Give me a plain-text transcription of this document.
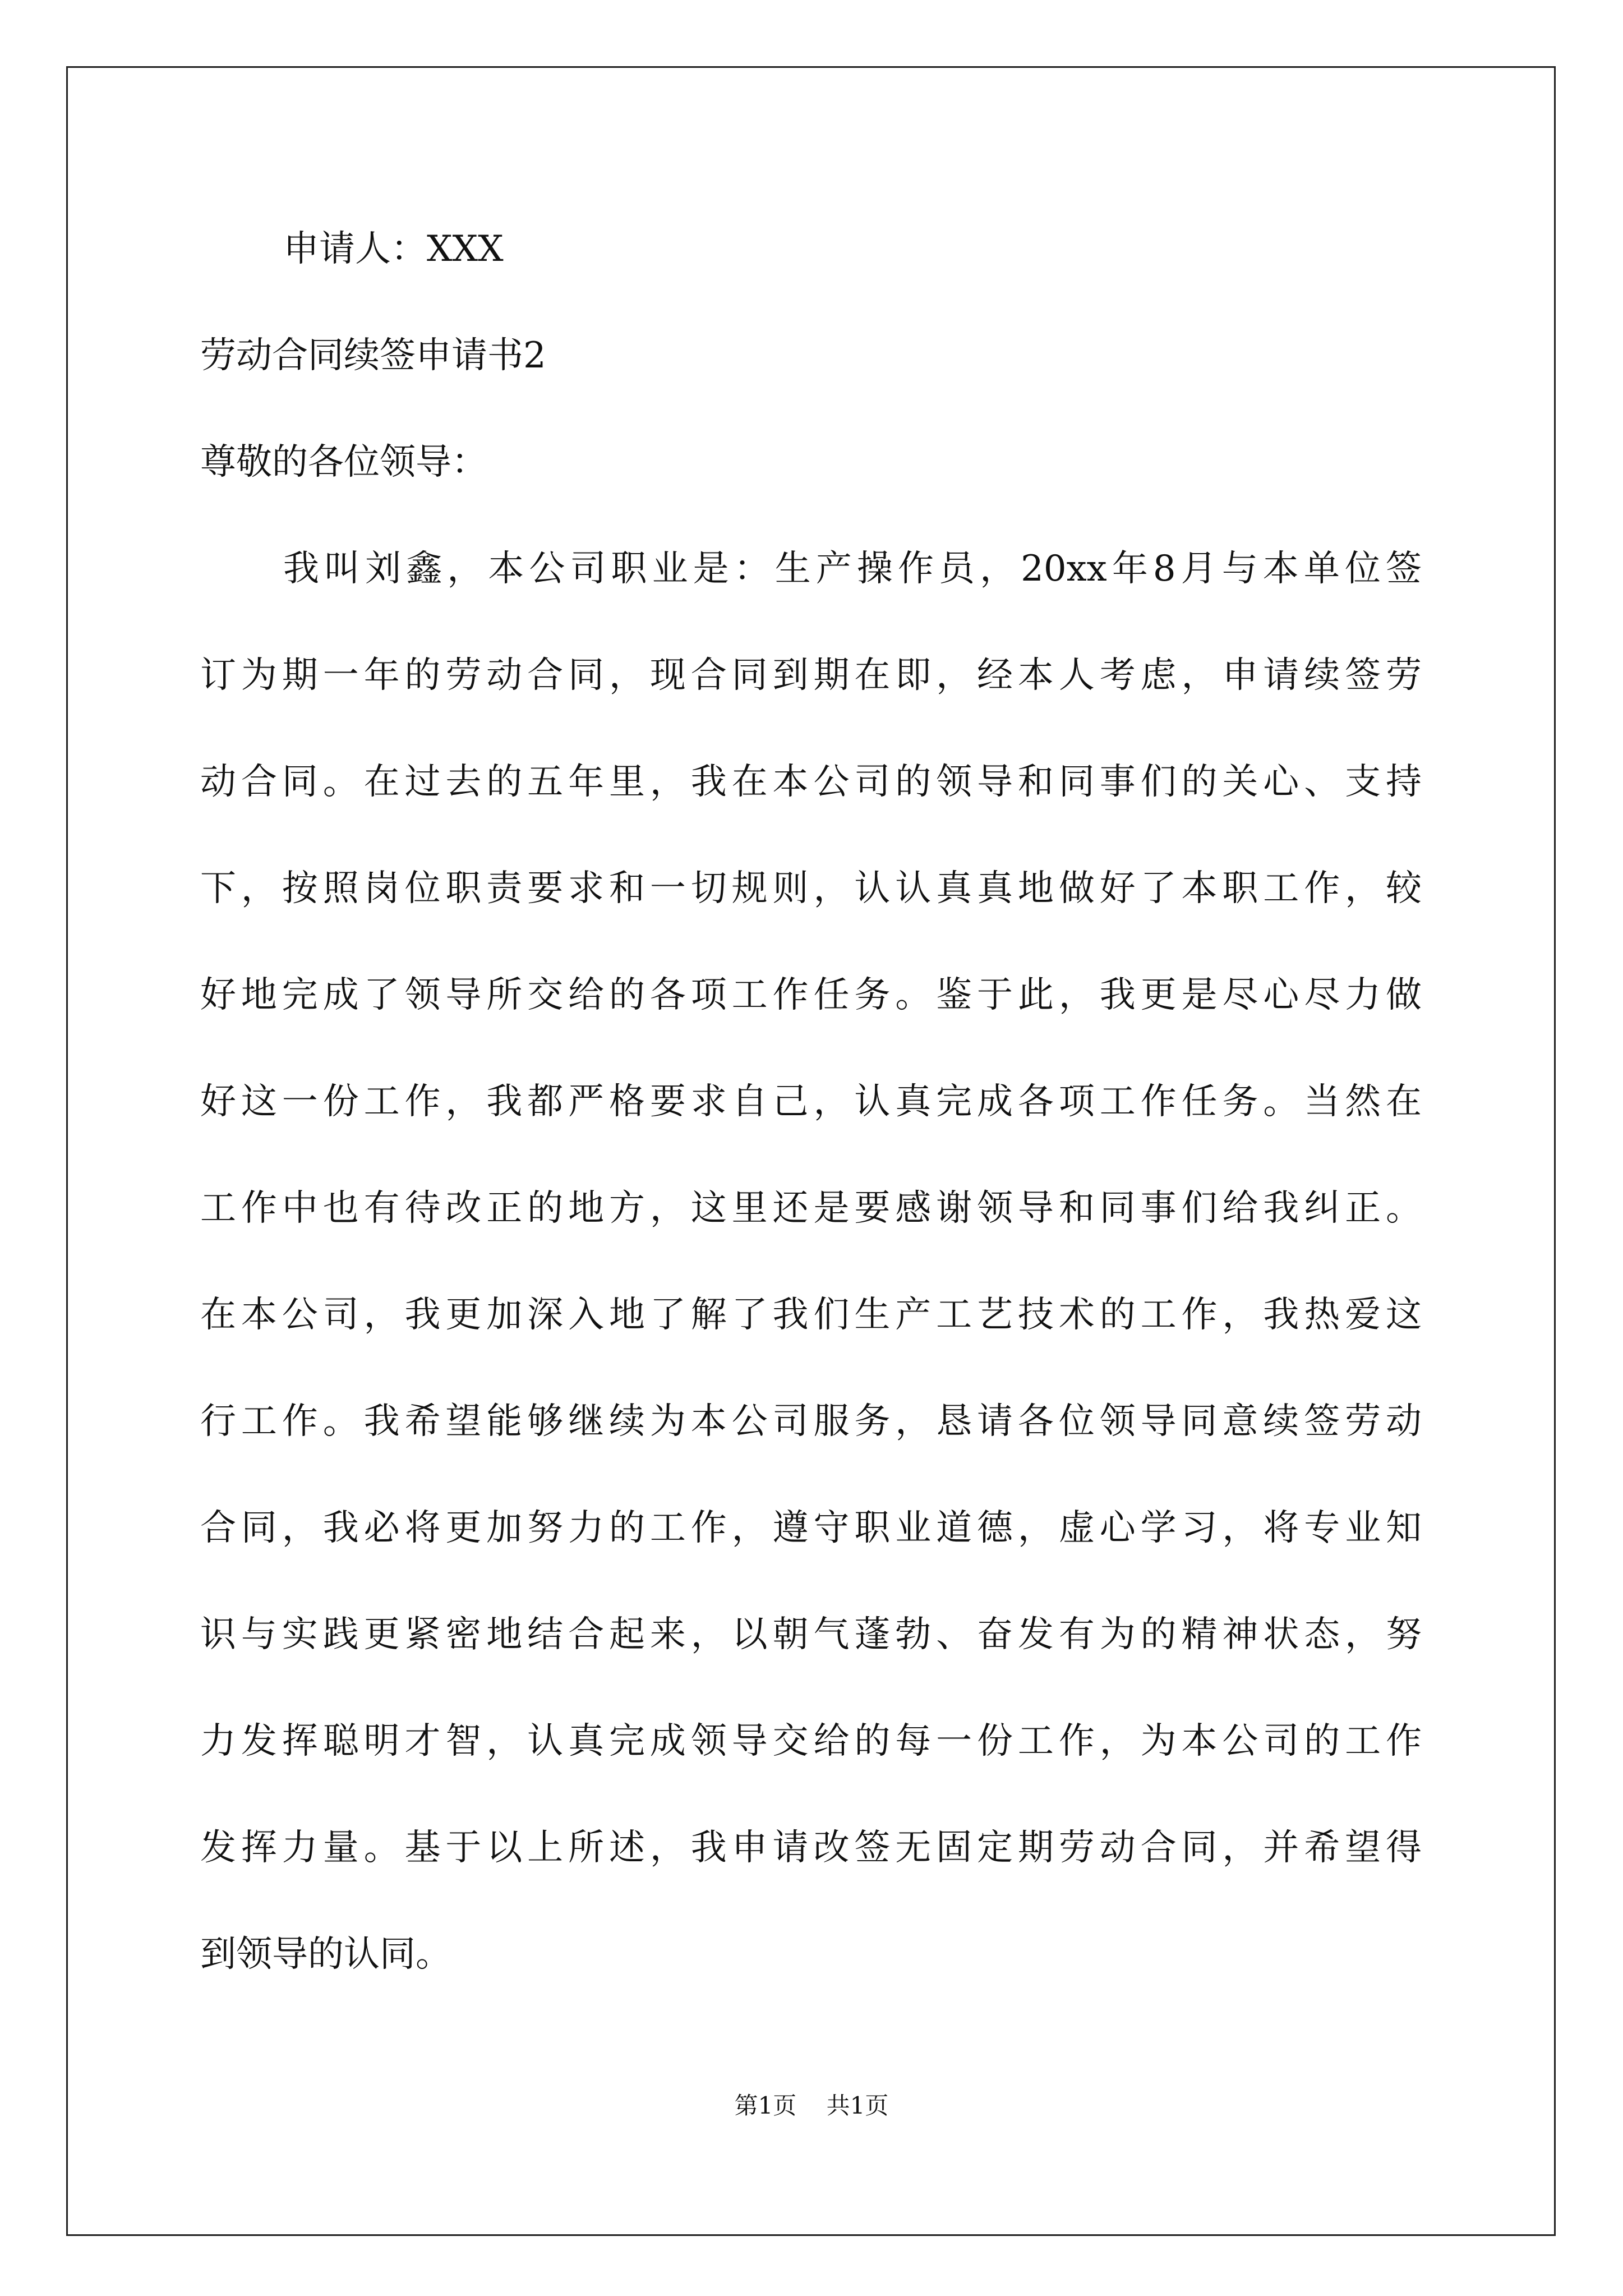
申请人：XXX
劳动合同续签申请书2
尊敬的各位领导：
我叫刘鑫，本公司职业是：生产操作员，20xx年8月与本单位签
订为期一年的劳动合同，现合同到期在即，经本人考虑，申请续签劳
动合同。在过去的五年里，我在本公司的领导和同事们的关心、支持
下，按照岗位职责要求和一切规则，认认真真地做好了本职工作，较
好地完成了领导所交给的各项工作任务。鉴于此，我更是尽心尽力做
好这一份工作，我都严格要求自己，认真完成各项工作任务。当然在
工作中也有待改正的地方，这里还是要感谢领导和同事们给我纠正。
在本公司，我更加深入地了解了我们生产工艺技术的工作，我热爱这
行工作。我希望能够继续为本公司服务，恳请各位领导同意续签劳动
合同，我必将更加努力的工作，遵守职业道德，虚心学习，将专业知
识与实践更紧密地结合起来，以朝气蓬勃、奋发有为的精神状态，努
力发挥聪明才智，认真完成领导交给的每一份工作，为本公司的工作
发挥力量。基于以上所述，我申请改签无固定期劳动合同，并希望得
到领导的认同。
第1页 共1页
